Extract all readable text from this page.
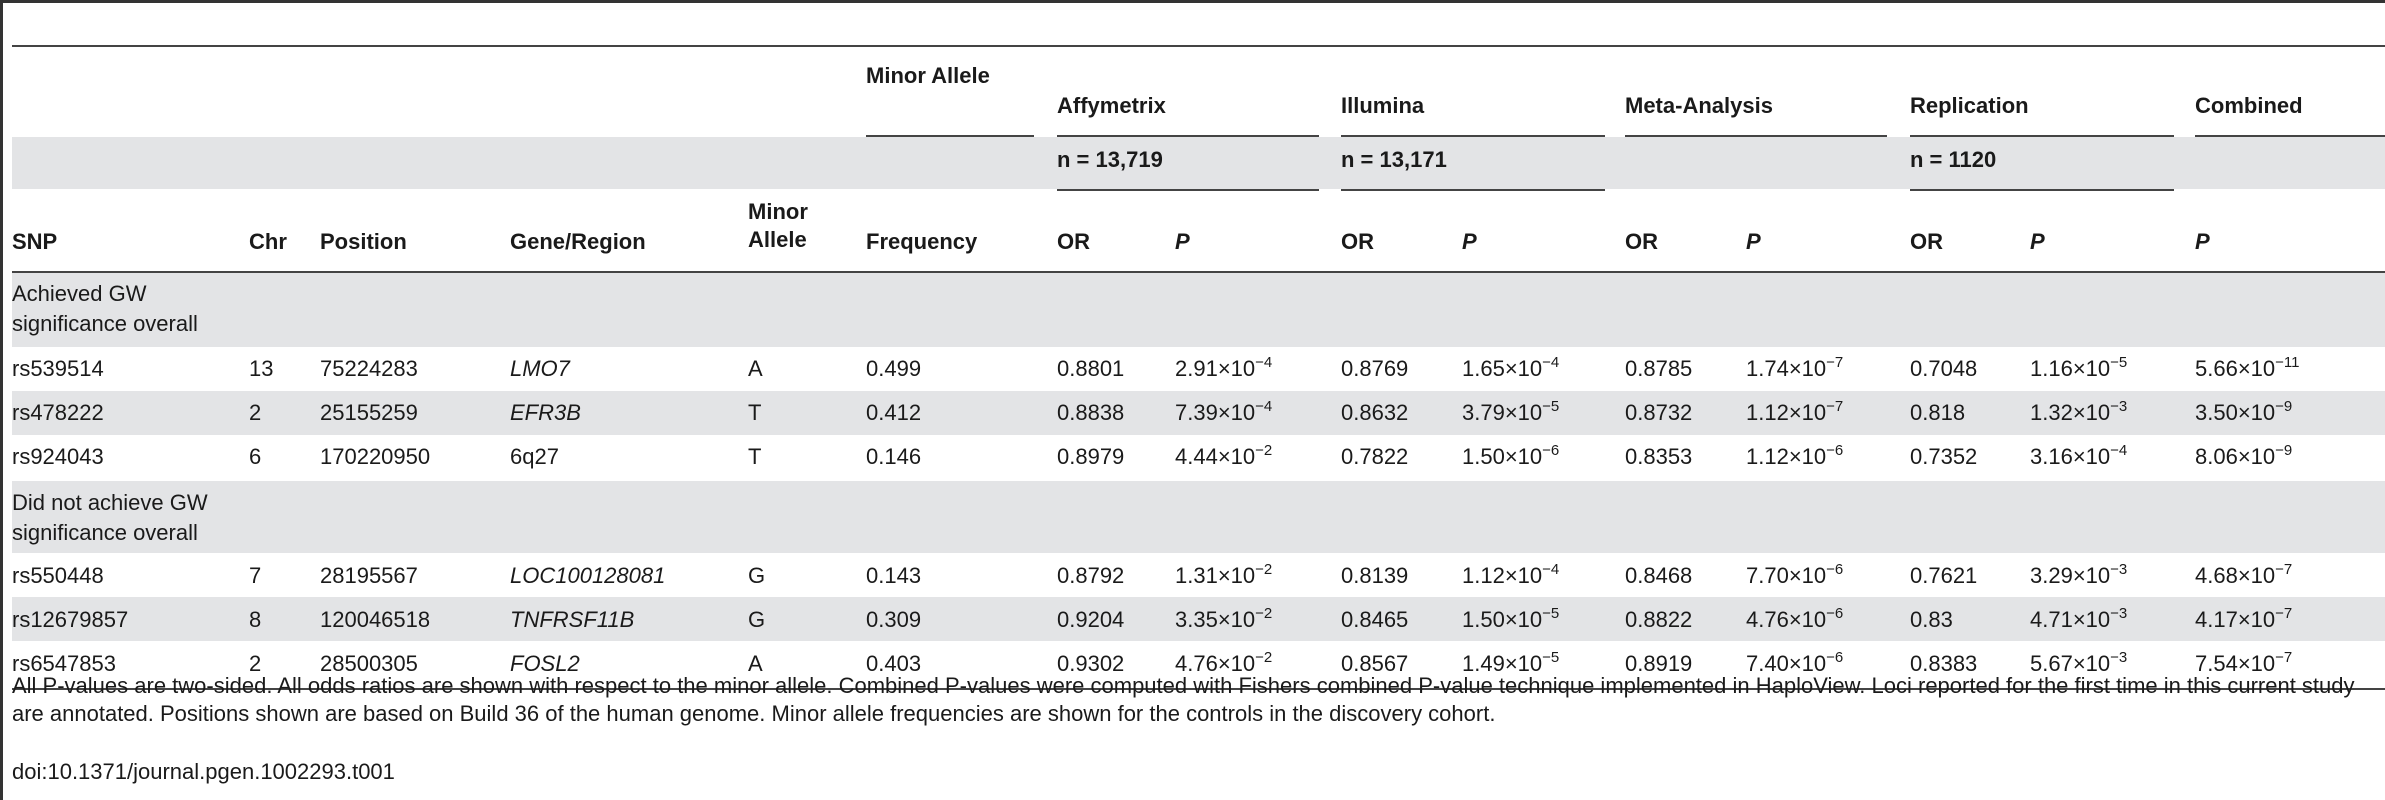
Minor Allele
Affymetrix	Illumina	Meta-Analysis	Replication	Combined
n = 13,719	n = 13,171	n = 1120
SNP	Chr Position	Gene/Region
Minor Allele	Frequency	OR	P	OR	P	OR	P	OR	P	P
Achieved GW
significance overall
rs539514	13 75224283	LMO7	A	0.499	0.8801 $2.91\times 10^{-4}$	0.8769 $1.65\times 10^{-4}$	0.8785 $1.74\times 10^{-7}$	0.7048 $1.16\times 10^{-5}$	$5.66\times 10^{-11}$
rs478222	2	25155259	EFR3B	T	0.412	0.8838 $7.39\times 10^{-4}$	0.8632 $3.79\times 10^{-5}$	0.8732 $1.12\times 10^{-7}$	0.818	$1.32\times 10^{-3}$	$3.50\times 10^{-9}$
rs924043	6	170220950	6q27	T	0.146	0.8979 $4.44\times 10^{-2}$	0.7822 $1.50\times 10^{-6}$	0.8353 $1.12\times 10^{-6}$	0.7352 $3.16\times 10^{-4}$	$8.06\times 10^{-9}$
Did not achieve GW
significance overall
rs550448	7	28195567	LOC100128081	G	0.143	0.8792 $1.31\times 10^{-2}$	0.8139 $1.12\times 10^{-4}$	0.8468 $7.70\times 10^{-6}$	0.7621 $3.29\times 10^{-3}$	$4.68\times 10^{-7}$
rs12679857	8	120046518	TNFRSF11B	G	0.309	0.9204 $3.35\times 10^{-2}$	0.8465 $1.50\times 10^{-5}$	0.8822 $4.76\times 10^{-6}$	0.83	$4.71\times 10^{-3}$	$4.17\times 10^{-7}$
rs6547853	2	28500305	FOSL2	A	0.403	0.9302 $4.76\times 10^{-2}$	0.8567 $1.49\times 10^{-5}$	0.8919 $7.40\times 10^{-6}$	0.8383 $5.67\times 10^{-3}$	$7.54\times 10^{-7}$
All P-values are two-sided. All odds ratios are shown with respect to the minor allele. Combined P-values were computed with Fishers combined P-value technique implemented in HaploView. Loci reported for the first time in this current study are annotated. Positions shown are based on Build 36 of the human genome. Minor allele frequencies are shown for the controls in the discovery cohort.
doi:10.1371/journal.pgen.1002293.t001
